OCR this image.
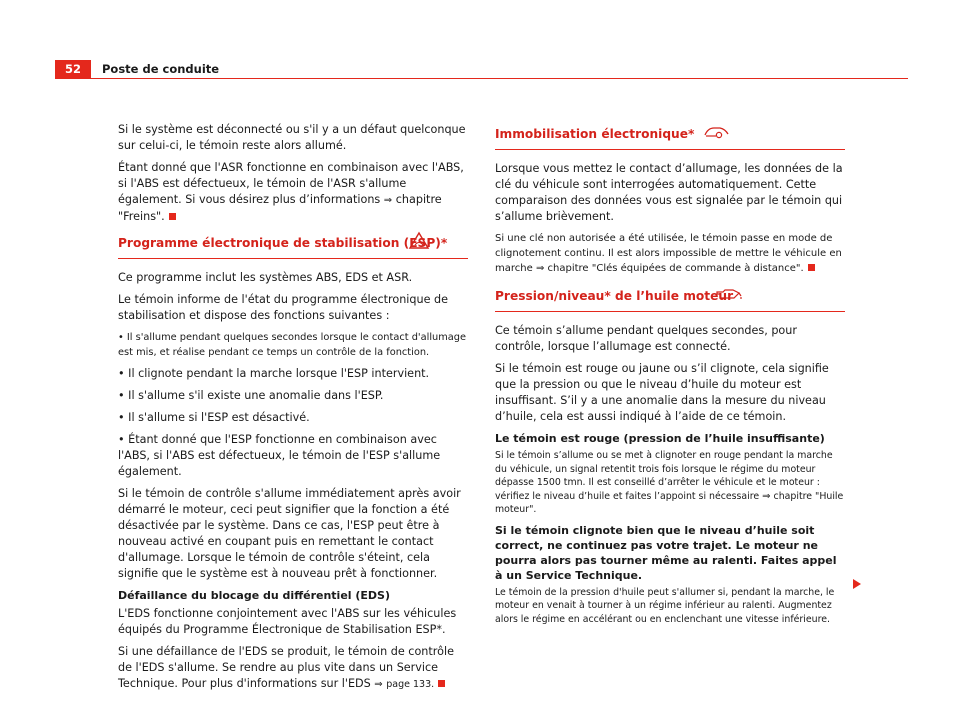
52	Poste de conduite

Si le système est déconnecté ou s'il y a un défaut quelconque sur celui-ci, le témoin reste alors allumé.

Étant donné que l'ASR fonctionne en combinaison avec l'ABS, si l'ABS est défectueux, le témoin de l'ASR s'allume également. Si vous désirez plus d’informations ⇒ chapitre "Freins".

Programme électronique de stabilisation (ESP)*

Ce programme inclut les systèmes ABS, EDS et ASR.

Le témoin informe de l'état du programme électronique de stabilisation et dispose des fonctions suivantes :

• Il s'allume pendant quelques secondes lorsque le contact d'allumage est mis, et réalise pendant ce temps un contrôle de la fonction.

• Il clignote pendant la marche lorsque l'ESP intervient.

• Il s'allume s'il existe une anomalie dans l'ESP.

• Il s'allume si l'ESP est désactivé.

• Étant donné que l'ESP fonctionne en combinaison avec l'ABS, si l'ABS est défectueux, le témoin de l'ESP s'allume également.

Si le témoin de contrôle s'allume immédiatement après avoir démarré le moteur, ceci peut signifier que la fonction a été désactivée par le système. Dans ce cas, l'ESP peut être à nouveau activé en coupant puis en remettant le contact d'allumage. Lorsque le témoin de contrôle s'éteint, cela signifie que le système est à nouveau prêt à fonctionner.

Défaillance du blocage du différentiel (EDS)

L'EDS fonctionne conjointement avec l'ABS sur les véhicules équipés du Programme Électronique de Stabilisation ESP*.

Si une défaillance de l'EDS se produit, le témoin de contrôle de l'EDS s'allume. Se rendre au plus vite dans un Service Technique. Pour plus d'informations sur l'EDS ⇒ page 133.

Immobilisation électronique*

Lorsque vous mettez le contact d’allumage, les données de la clé du véhicule sont interrogées automatiquement. Cette comparaison des données vous est signalée par le témoin qui s’allume brièvement.

Si une clé non autorisée a été utilisée, le témoin passe en mode de clignotement continu. Il est alors impossible de mettre le véhicule en marche ⇒ chapitre "Clés équipées de commande à distance".

Pression/niveau* de l’huile moteur

Ce témoin s’allume pendant quelques secondes, pour contrôle, lorsque l’allumage est connecté.

Si le témoin est rouge ou jaune ou s’il clignote, cela signifie que la pression ou que le niveau d’huile du moteur est insuffisant. S’il y a une anomalie dans la mesure du niveau d’huile, cela est aussi indiqué à l’aide de ce témoin.

Le témoin est rouge (pression de l’huile insuffisante)

Si le témoin s’allume ou se met à clignoter en rouge pendant la marche du véhicule, un signal retentit trois fois lorsque le régime du moteur dépasse 1500 tmn. Il est conseillé d’arrêter le véhicule et le moteur : vérifiez le niveau d’huile et faites l’appoint si nécessaire ⇒ chapitre "Huile moteur".

Si le témoin clignote bien que le niveau d’huile soit correct, ne continuez pas votre trajet. Le moteur ne pourra alors pas tourner même au ralenti. Faites appel à un Service Technique.

Le témoin de la pression d'huile peut s'allumer si, pendant la marche, le moteur en venait à tourner à un régime inférieur au ralenti. Augmentez alors le régime en accélérant ou en enclenchant une vitesse inférieure.
